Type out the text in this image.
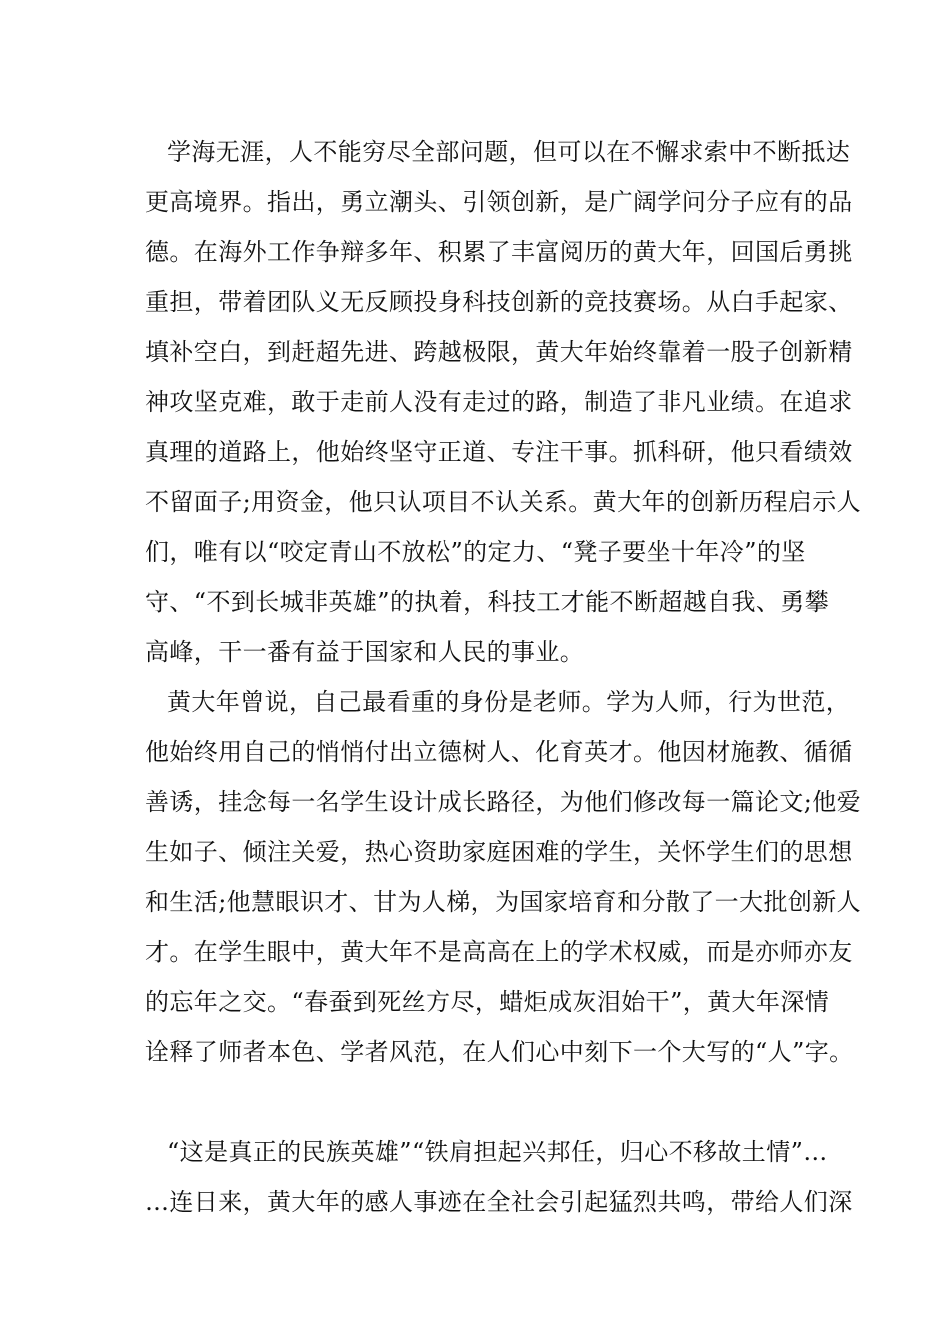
学海无涯，人不能穷尽全部问题，但可以在不懈求索中不断抵达
更高境界。指出，勇立潮头、引领创新，是广阔学问分子应有的品
德。在海外工作争辩多年、积累了丰富阅历的黄大年，回国后勇挑
重担，带着团队义无反顾投身科技创新的竞技赛场。从白手起家、
填补空白，到赶超先进、跨越极限，黄大年始终靠着一股子创新精
神攻坚克难，敢于走前人没有走过的路，制造了非凡业绩。在追求
真理的道路上，他始终坚守正道、专注干事。抓科研，他只看绩效
不留面子;用资金，他只认项目不认关系。黄大年的创新历程启示人
们，唯有以“咬定青山不放松”的定力、“凳子要坐十年冷”的坚
守、“不到长城非英雄”的执着，科技工才能不断超越自我、勇攀
高峰，干一番有益于国家和人民的事业。
黄大年曾说，自己最看重的身份是老师。学为人师，行为世范，
他始终用自己的悄悄付出立德树人、化育英才。他因材施教、循循
善诱，挂念每一名学生设计成长路径，为他们修改每一篇论文;他爱
生如子、倾注关爱，热心资助家庭困难的学生，关怀学生们的思想
和生活;他慧眼识才、甘为人梯，为国家培育和分散了一大批创新人
才。在学生眼中，黄大年不是高高在上的学术权威，而是亦师亦友
的忘年之交。“春蚕到死丝方尽，蜡炬成灰泪始干”，黄大年深情
诠释了师者本色、学者风范，在人们心中刻下一个大写的“人”字。
“这是真正的民族英雄”“铁肩担起兴邦任，归心不移故土情”…
…连日来，黄大年的感人事迹在全社会引起猛烈共鸣，带给人们深
